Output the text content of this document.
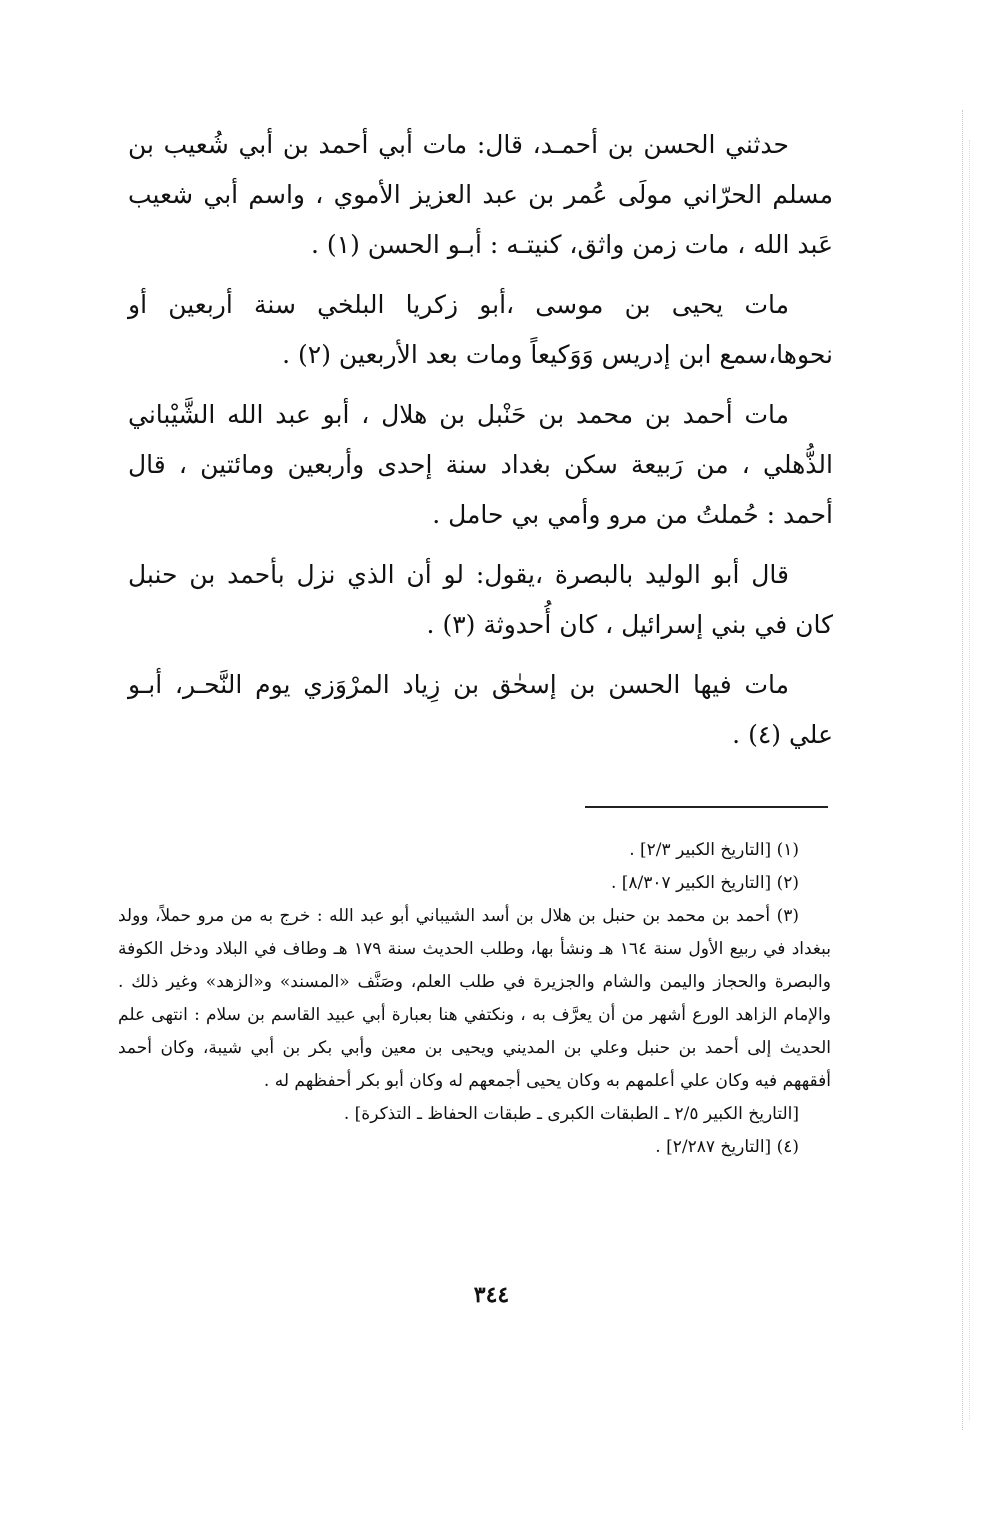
حدثني الحسن بن أحمـد، قال: مات أبي أحمد بن أبي شُعيب بن مسلم الحرّاني مولَى عُمر بن عبد العزيز الأموي ، واسم أبي شعيب عَبد الله ، مات زمن واثق، كنيتـه : أبـو الحسن (١) .

مات يحيى بن موسى ،أبو زكريا البلخي سنة أربعين أو نحوها،سمع ابن إدريس وَوَكيعاً ومات بعد الأربعين (٢) .

مات أحمد بن محمد بن حَنْبل بن هلال ، أبو عبد الله الشَّيْباني الذُّهلي ، من رَبيعة سكن بغداد سنة إحدى وأربعين ومائتين ، قال أحمد : حُملتُ من مرو وأمي بي حامل .

قال أبو الوليد بالبصرة ،يقول: لو أن الذي نزل بأحمد بن حنبل كان في بني إسرائيل ، كان أُحدوثة (٣) .

مات فيها الحسن بن إسحٰق بن زِياد المرْوَزي يوم النَّحـر، أبـو علي (٤) .

(١) [التاريخ الكبير ٢/٣] .

(٢) [التاريخ الكبير ٨/٣٠٧] .

(٣) أحمد بن محمد بن حنبل بن هلال بن أسد الشيباني أبو عبد الله : خرج به من مرو حملاً، وولد ببغداد في ربيع الأول سنة ١٦٤ هـ ونشأ بها، وطلب الحديث سنة ١٧٩ هـ وطاف في البلاد ودخل الكوفة والبصرة والحجاز واليمن والشام والجزيرة في طلب العلم، وصَنَّف «المسند» و«الزهد» وغير ذلك . والإمام الزاهد الورع أشهر من أن يعرَّف به ، ونكتفي هنا بعبارة أبي عبيد القاسم بن سلام : انتهى علم الحديث إلى أحمد بن حنبل وعلي بن المديني ويحيى بن معين وأبي بكر بن أبي شيبة، وكان أحمد أفقههم فيه وكان علي أعلمهم به وكان يحيى أجمعهم له وكان أبو بكر أحفظهم له .

[التاريخ الكبير ٢/٥ ـ الطبقات الكبرى ـ طبقات الحفاظ ـ التذكرة] .

(٤) [التاريخ ٢/٢٨٧] .

٣٤٤
